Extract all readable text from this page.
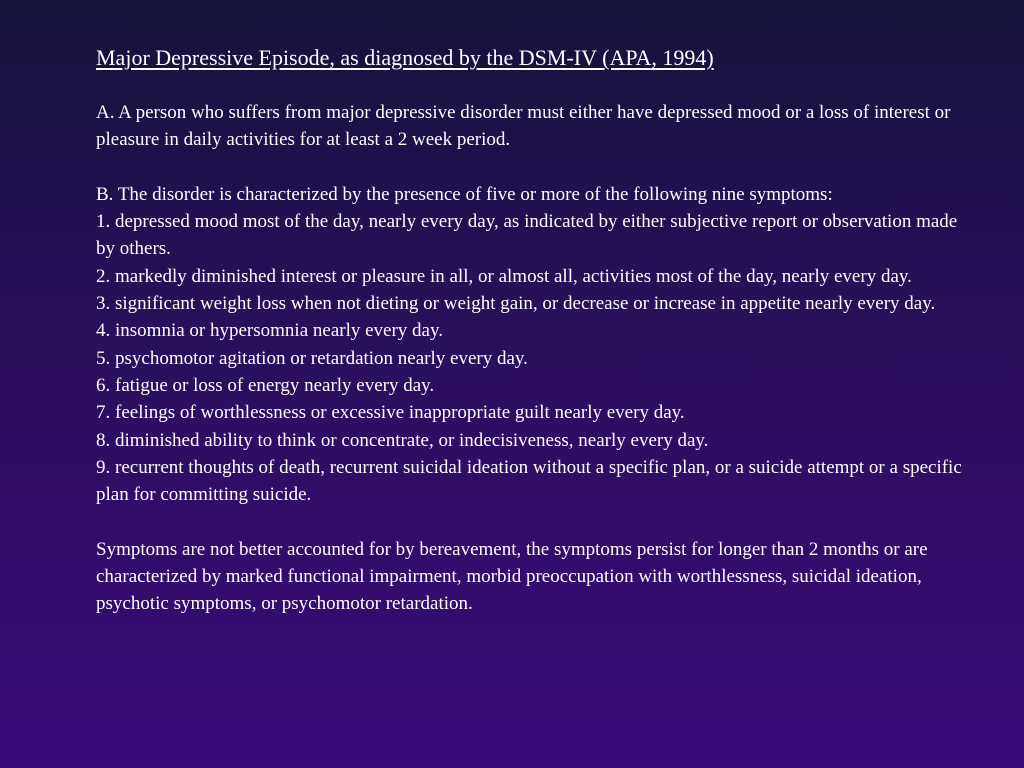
Major Depressive Episode, as diagnosed by the DSM-IV (APA, 1994)

A. A person who suffers from major depressive disorder must either have depressed mood or a loss of interest or pleasure in daily activities for at least a 2 week period.

B. The disorder is characterized by the presence of five or more of the following nine symptoms:

1. depressed mood most of the day, nearly every day, as indicated by either subjective report or observation made by others.

2. markedly diminished interest or pleasure in all, or almost all, activities most of the day, nearly every day.

3. significant weight loss when not dieting or weight gain, or decrease or increase in appetite nearly every day.

4. insomnia or hypersomnia nearly every day.

5. psychomotor agitation or retardation nearly every day.

6. fatigue or loss of energy nearly every day.

7. feelings of worthlessness or excessive inappropriate guilt nearly every day.

8. diminished ability to think or concentrate, or indecisiveness, nearly every day.

9. recurrent thoughts of death, recurrent suicidal ideation without a specific plan, or a suicide attempt or a specific plan for committing suicide.

Symptoms are not better accounted for by bereavement, the symptoms persist for longer than 2 months or are characterized by marked functional impairment, morbid preoccupation with worthlessness, suicidal ideation, psychotic symptoms, or psychomotor retardation.
